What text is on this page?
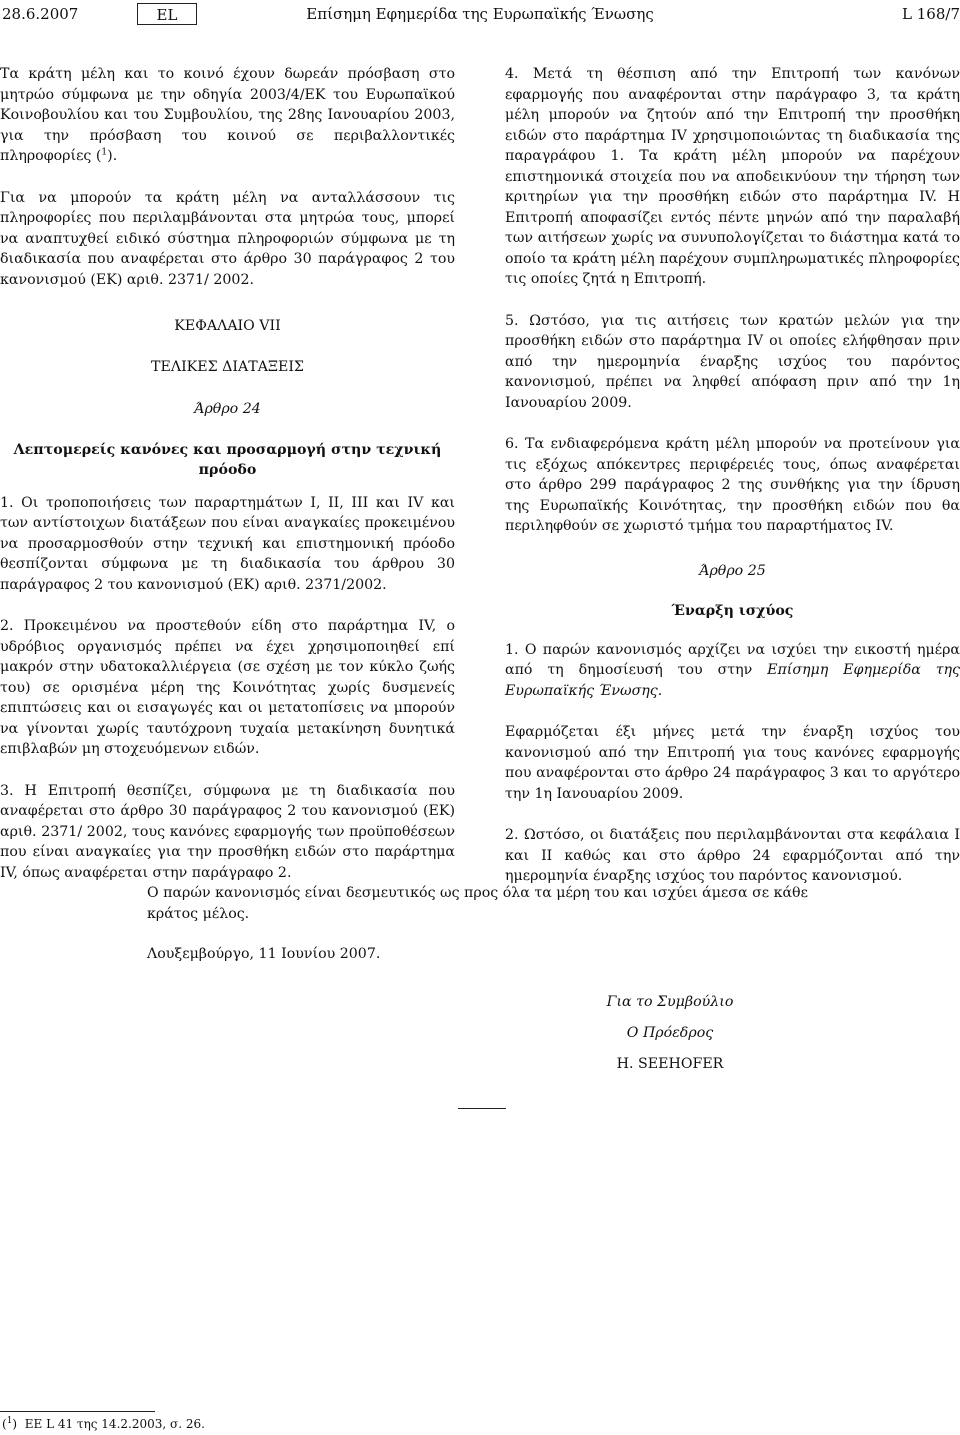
28.6.2007	EL	Επίσημη Εφημερίδα της Ευρωπαϊκής Ένωσης	L 168/7

Τα κράτη μέλη και το κοινό έχουν δωρεάν πρόσβαση στο μητρώο σύμφωνα με την οδηγία 2003/4/ΕΚ του Ευρωπαϊκού Κοινοβουλίου και του Συμβουλίου, της 28ης Ιανουαρίου 2003, για την πρόσβαση του κοινού σε περιβαλλοντικές πληροφορίες ($^1$).

Για να μπορούν τα κράτη μέλη να ανταλλάσσουν τις πληροφορίες που περιλαμβάνονται στα μητρώα τους, μπορεί να αναπτυχθεί ειδικό σύστημα πληροφοριών σύμφωνα με τη διαδικασία που αναφέρεται στο άρθρο 30 παράγραφος 2 του κανονισμού (ΕΚ) αριθ. 2371/ 2002.

ΚΕΦΑΛΑΙΟ VII
ΤΕΛΙΚΕΣ ΔΙΑΤΑΞΕΙΣ
Άρθρο 24
Λεπτομερείς κανόνες και προσαρμογή στην τεχνική πρόοδο

1. Οι τροποποιήσεις των παραρτημάτων I, II, III και IV και των αντίστοιχων διατάξεων που είναι αναγκαίες προκειμένου να προσαρμοσθούν στην τεχνική και επιστημονική πρόοδο θεσπίζονται σύμφωνα με τη διαδικασία του άρθρου 30 παράγραφος 2 του κανονισμού (ΕΚ) αριθ. 2371/2002.

2. Προκειμένου να προστεθούν είδη στο παράρτημα IV, ο υδρόβιος οργανισμός πρέπει να έχει χρησιμοποιηθεί επί μακρόν στην υδατοκαλλιέργεια (σε σχέση με τον κύκλο ζωής του) σε ορισμένα μέρη της Κοινότητας χωρίς δυσμενείς επιπτώσεις και οι εισαγωγές και οι μετατοπίσεις να μπορούν να γίνονται χωρίς ταυτόχρονη τυχαία μετακίνηση δυνητικά επιβλαβών μη στοχευόμενων ειδών.

3. Η Επιτροπή θεσπίζει, σύμφωνα με τη διαδικασία που αναφέρεται στο άρθρο 30 παράγραφος 2 του κανονισμού (ΕΚ) αριθ. 2371/ 2002, τους κανόνες εφαρμογής των προϋποθέσεων που είναι αναγκαίες για την προσθήκη ειδών στο παράρτημα IV, όπως αναφέρεται στην παράγραφο 2.

4. Μετά τη θέσπιση από την Επιτροπή των κανόνων εφαρμογής που αναφέρονται στην παράγραφο 3, τα κράτη μέλη μπορούν να ζητούν από την Επιτροπή την προσθήκη ειδών στο παράρτημα IV χρησιμοποιώντας τη διαδικασία της παραγράφου 1. Τα κράτη μέλη μπορούν να παρέχουν επιστημονικά στοιχεία που να αποδεικνύουν την τήρηση των κριτηρίων για την προσθήκη ειδών στο παράρτημα IV. Η Επιτροπή αποφασίζει εντός πέντε μηνών από την παραλαβή των αιτήσεων χωρίς να συνυπολογίζεται το διάστημα κατά το οποίο τα κράτη μέλη παρέχουν συμπληρωματικές πληροφορίες τις οποίες ζητά η Επιτροπή.

5. Ωστόσο, για τις αιτήσεις των κρατών μελών για την προσθήκη ειδών στο παράρτημα IV οι οποίες ελήφθησαν πριν από την ημερομηνία έναρξης ισχύος του παρόντος κανονισμού, πρέπει να ληφθεί απόφαση πριν από την 1η Ιανουαρίου 2009.

6. Τα ενδιαφερόμενα κράτη μέλη μπορούν να προτείνουν για τις εξόχως απόκεντρες περιφέρειές τους, όπως αναφέρεται στο άρθρο 299 παράγραφος 2 της συνθήκης για την ίδρυση της Ευρωπαϊκής Κοινότητας, την προσθήκη ειδών που θα περιληφθούν σε χωριστό τμήμα του παραρτήματος IV.

Άρθρο 25
Έναρξη ισχύος

1. Ο παρών κανονισμός αρχίζει να ισχύει την εικοστή ημέρα από τη δημοσίευσή του στην Επίσημη Εφημερίδα της Ευρωπαϊκής Ένωσης.

Εφαρμόζεται έξι μήνες μετά την έναρξη ισχύος του κανονισμού από την Επιτροπή για τους κανόνες εφαρμογής που αναφέρονται στο άρθρο 24 παράγραφος 3 και το αργότερο την 1η Ιανουαρίου 2009.

2. Ωστόσο, οι διατάξεις που περιλαμβάνονται στα κεφάλαια I και II καθώς και στο άρθρο 24 εφαρμόζονται από την ημερομηνία έναρξης ισχύος του παρόντος κανονισμού.

Ο παρών κανονισμός είναι δεσμευτικός ως προς όλα τα μέρη του και ισχύει άμεσα σε κάθε κράτος μέλος.

Λουξεμβούργο, 11 Ιουνίου 2007.

Για το Συμβούλιο
Ο Πρόεδρος
H. SEEHOFER
($^1$)  ΕΕ L 41 της 14.2.2003, σ. 26.
